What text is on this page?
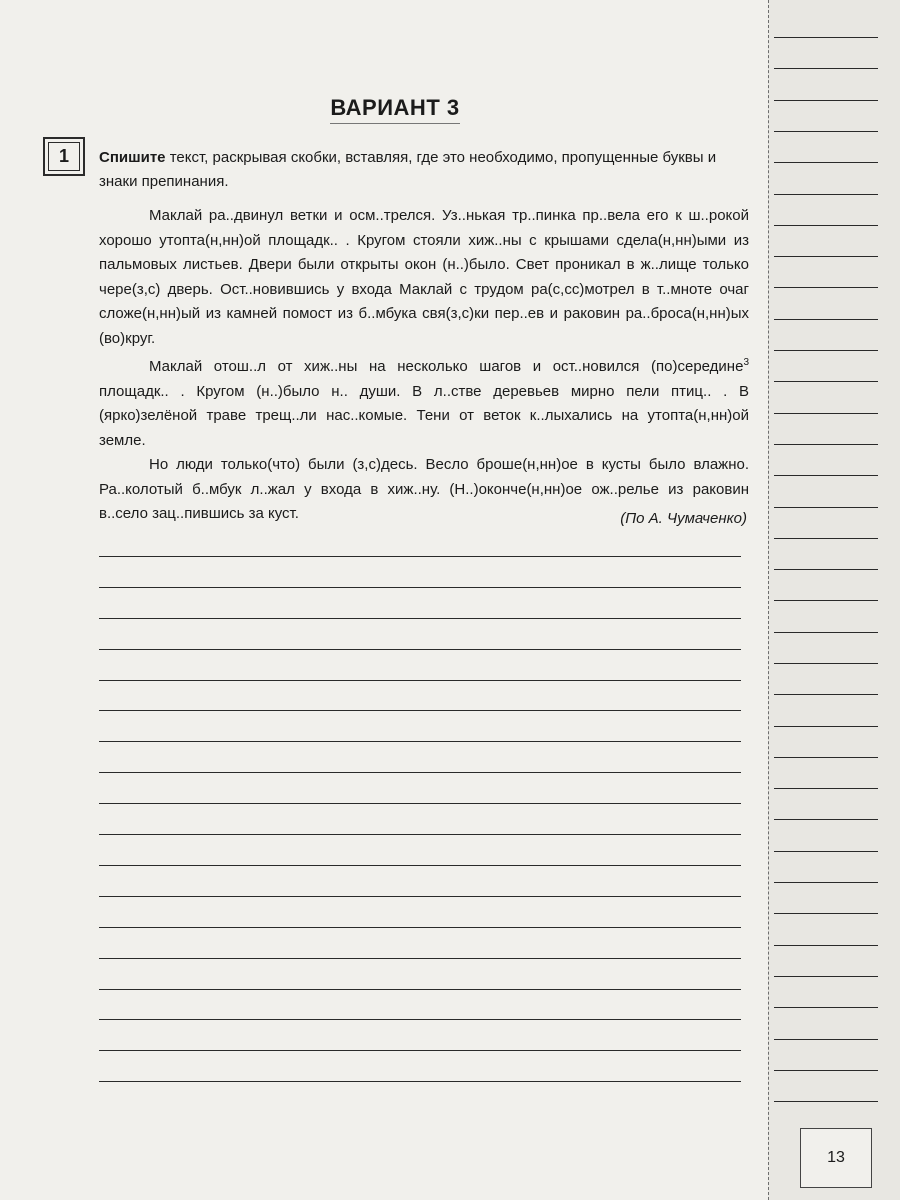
ВАРИАНТ 3
1 Спишите текст, раскрывая скобки, вставляя, где это необходимо, пропущенные буквы и знаки препинания.

Маклай ра..двинул ветки и осм..трелся. Уз..нькая тр..пинка пр..вела его к ш..рокой хорошо утопта(н,нн)ой площадк.. . Кругом стояли хиж..ны с крышами сдела(н,нн)ыми из пальмовых листьев. Двери были открыты окон (н..)было. Свет проникал в ж..лище только чере(з,с) дверь. Ост..новившись у входа Маклай с трудом ра(с,сс)мотрел в т..мноте очаг сложе(н,нн)ый из камней помост из б..мбука свя(з,с)ки пер..ев и раковин ра..броса(н,нн)ых (во)круг.

Маклай отош..л от хиж..ны на несколько шагов и ост..новился (по)середине$^3$ площадк.. . Кругом (н..)было н.. души. В л..стве деревьев мирно пели птиц.. . В (ярко)зелёной траве трещ..ли нас..комые. Тени от веток к..лыхались на утопта(н,нн)ой земле.

Но люди только(что) были (з,с)десь. Весло броше(н,нн)ое в кусты было влажно. Ра..колотый б..мбук л..жал у входа в хиж..ну. (Н..)оконче(н,нн)ое ож..релье из раковин в..село зац..пившись за куст.	(По А. Чумаченко)
13
